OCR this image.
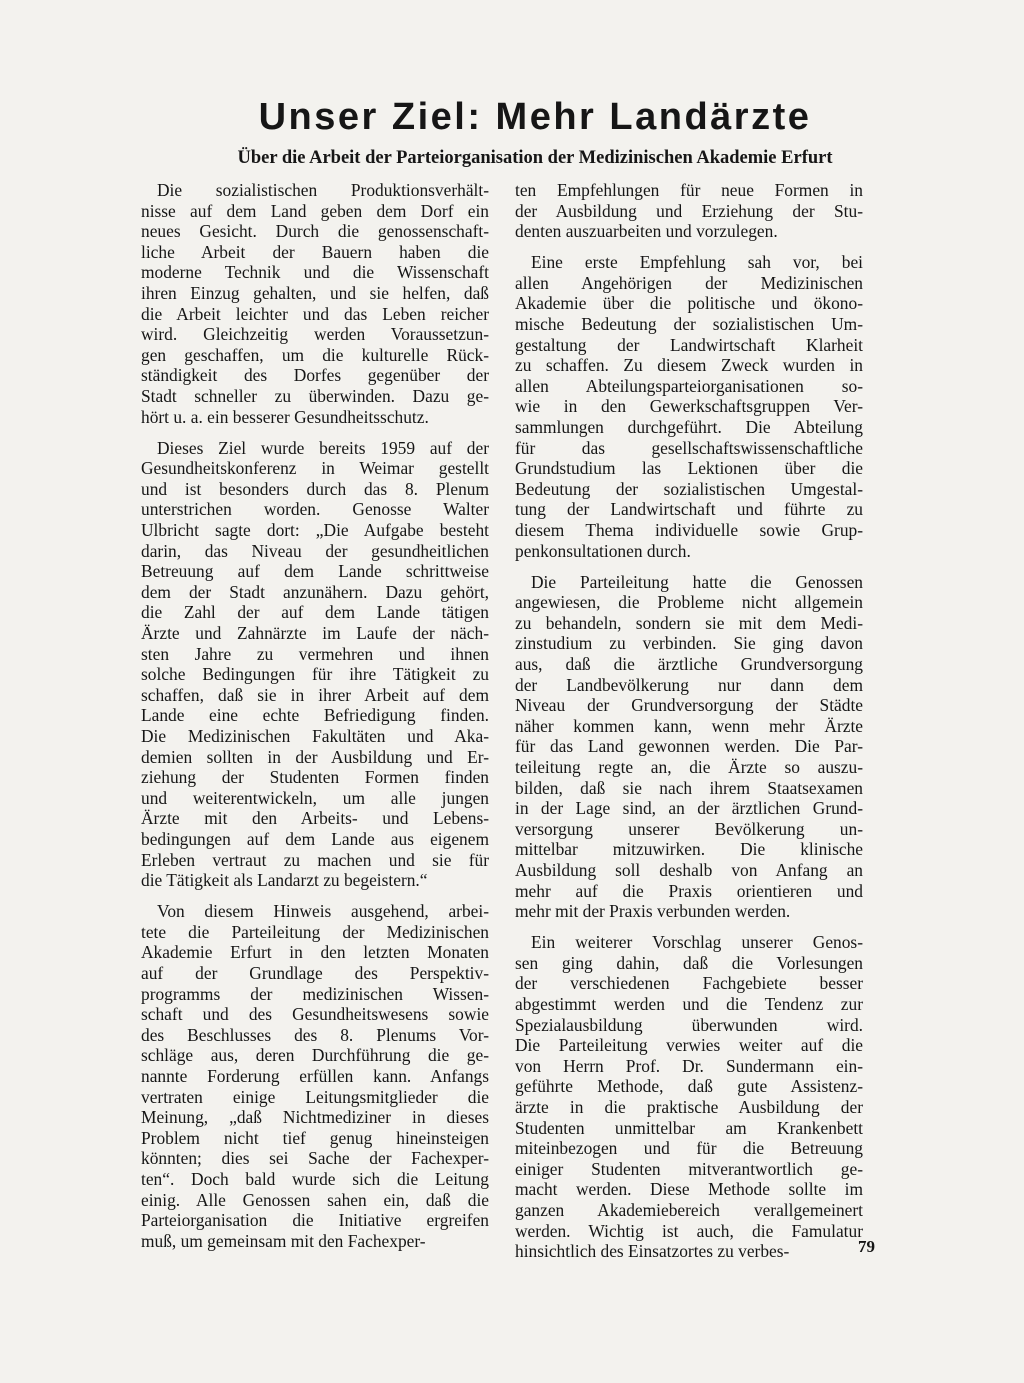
Unser Ziel: Mehr Landärzte
Über die Arbeit der Parteiorganisation der Medizinischen Akademie Erfurt
Die sozialistischen Produktionsverhält-
nisse auf dem Land geben dem Dorf ein
neues Gesicht. Durch die genossenschaft-
liche Arbeit der Bauern haben die
moderne Technik und die Wissenschaft
ihren Einzug gehalten, und sie helfen, daß
die Arbeit leichter und das Leben reicher
wird. Gleichzeitig werden Voraussetzun-
gen geschaffen, um die kulturelle Rück-
ständigkeit des Dorfes gegenüber der
Stadt schneller zu überwinden. Dazu ge-
hört u. a. ein besserer Gesundheitsschutz.
Dieses Ziel wurde bereits 1959 auf der
Gesundheitskonferenz in Weimar gestellt
und ist besonders durch das 8. Plenum
unterstrichen worden. Genosse Walter
Ulbricht sagte dort: „Die Aufgabe besteht
darin, das Niveau der gesundheitlichen
Betreuung auf dem Lande schrittweise
dem der Stadt anzunähern. Dazu gehört,
die Zahl der auf dem Lande tätigen
Ärzte und Zahnärzte im Laufe der näch-
sten Jahre zu vermehren und ihnen
solche Bedingungen für ihre Tätigkeit zu
schaffen, daß sie in ihrer Arbeit auf dem
Lande eine echte Befriedigung finden.
Die Medizinischen Fakultäten und Aka-
demien sollten in der Ausbildung und Er-
ziehung der Studenten Formen finden
und weiterentwickeln, um alle jungen
Ärzte mit den Arbeits- und Lebens-
bedingungen auf dem Lande aus eigenem
Erleben vertraut zu machen und sie für
die Tätigkeit als Landarzt zu begeistern.“
Von diesem Hinweis ausgehend, arbei-
tete die Parteileitung der Medizinischen
Akademie Erfurt in den letzten Monaten
auf der Grundlage des Perspektiv-
programms der medizinischen Wissen-
schaft und des Gesundheitswesens sowie
des Beschlusses des 8. Plenums Vor-
schläge aus, deren Durchführung die ge-
nannte Forderung erfüllen kann. Anfangs
vertraten einige Leitungsmitglieder die
Meinung, „daß Nichtmediziner in dieses
Problem nicht tief genug hineinsteigen
könnten; dies sei Sache der Fachexper-
ten“. Doch bald wurde sich die Leitung
einig. Alle Genossen sahen ein, daß die
Parteiorganisation die Initiative ergreifen
muß, um gemeinsam mit den Fachexper-
ten Empfehlungen für neue Formen in
der Ausbildung und Erziehung der Stu-
denten auszuarbeiten und vorzulegen.
Eine erste Empfehlung sah vor, bei
allen Angehörigen der Medizinischen
Akademie über die politische und ökono-
mische Bedeutung der sozialistischen Um-
gestaltung der Landwirtschaft Klarheit
zu schaffen. Zu diesem Zweck wurden in
allen Abteilungsparteiorganisationen so-
wie in den Gewerkschaftsgruppen Ver-
sammlungen durchgeführt. Die Abteilung
für das gesellschaftswissenschaftliche
Grundstudium las Lektionen über die
Bedeutung der sozialistischen Umgestal-
tung der Landwirtschaft und führte zu
diesem Thema individuelle sowie Grup-
penkonsultationen durch.
Die Parteileitung hatte die Genossen
angewiesen, die Probleme nicht allgemein
zu behandeln, sondern sie mit dem Medi-
zinstudium zu verbinden. Sie ging davon
aus, daß die ärztliche Grundversorgung
der Landbevölkerung nur dann dem
Niveau der Grundversorgung der Städte
näher kommen kann, wenn mehr Ärzte
für das Land gewonnen werden. Die Par-
teileitung regte an, die Ärzte so auszu-
bilden, daß sie nach ihrem Staatsexamen
in der Lage sind, an der ärztlichen Grund-
versorgung unserer Bevölkerung un-
mittelbar mitzuwirken. Die klinische
Ausbildung soll deshalb von Anfang an
mehr auf die Praxis orientieren und
mehr mit der Praxis verbunden werden.
Ein weiterer Vorschlag unserer Genos-
sen ging dahin, daß die Vorlesungen
der verschiedenen Fachgebiete besser
abgestimmt werden und die Tendenz zur
Spezialausbildung überwunden wird.
Die Parteileitung verwies weiter auf die
von Herrn Prof. Dr. Sundermann ein-
geführte Methode, daß gute Assistenz-
ärzte in die praktische Ausbildung der
Studenten unmittelbar am Krankenbett
miteinbezogen und für die Betreuung
einiger Studenten mitverantwortlich ge-
macht werden. Diese Methode sollte im
ganzen Akademiebereich verallgemeinert
werden. Wichtig ist auch, die Famulatur
hinsichtlich des Einsatzortes zu verbes-	79
